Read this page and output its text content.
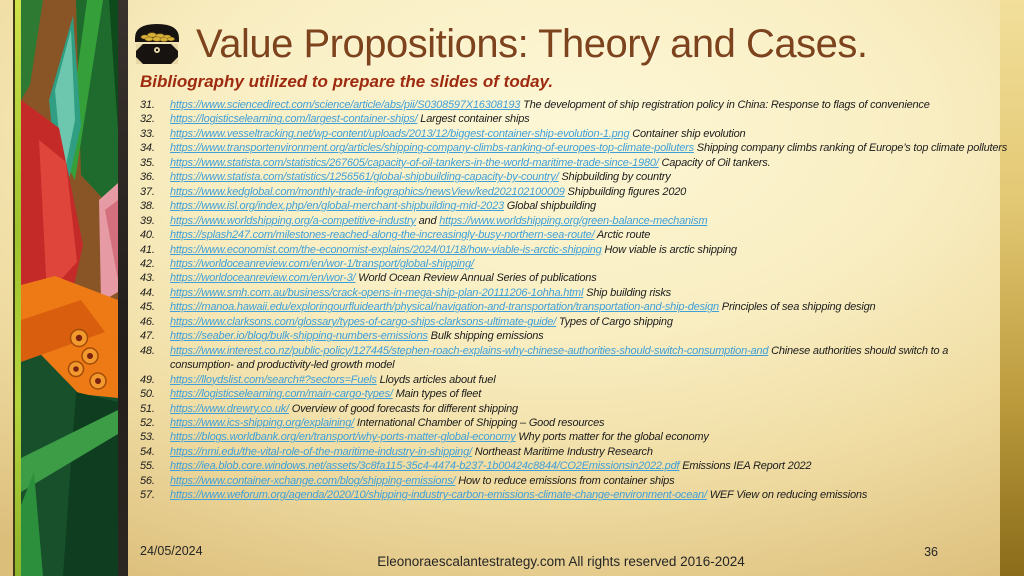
Value Propositions: Theory and Cases.
Bibliography utilized to prepare the slides of today.
31.	https://www.sciencedirect.com/science/article/abs/pii/S0308597X16308193 The development of ship registration policy in China: Response to flags of convenience
32.	https://logisticselearning.com/largest-container-ships/ Largest container ships
33.	https://www.vesseltracking.net/wp-content/uploads/2013/12/biggest-container-ship-evolution-1.png Container ship evolution
34.	https://www.transportenvironment.org/articles/shipping-company-climbs-ranking-of-europes-top-climate-polluters Shipping company climbs ranking of Europe’s top climate polluters
35.	https://www.statista.com/statistics/267605/capacity-of-oil-tankers-in-the-world-maritime-trade-since-1980/ Capacity of Oil tankers.
36.	https://www.statista.com/statistics/1256561/global-shipbuilding-capacity-by-country/ Shipbuilding by country
37.	https://www.kedglobal.com/monthly-trade-infographics/newsView/ked202102100009 Shipbuilding figures 2020
38.	https://www.isl.org/index.php/en/global-merchant-shipbuilding-mid-2023 Global shipbuilding
39.	https://www.worldshipping.org/a-competitive-industry and https://www.worldshipping.org/green-balance-mechanism
40.	https://splash247.com/milestones-reached-along-the-increasingly-busy-northern-sea-route/ Arctic route
41.	https://www.economist.com/the-economist-explains/2024/01/18/how-viable-is-arctic-shipping How viable is arctic shipping
42.	https://worldoceanreview.com/en/wor-1/transport/global-shipping/
43.	https://worldoceanreview.com/en/wor-3/ World Ocean Review Annual Series of publications
44.	https://www.smh.com.au/business/crack-opens-in-mega-ship-plan-20111206-1ohha.html Ship building risks
45.	https://manoa.hawaii.edu/exploringourfluidearth/physical/navigation-and-transportation/transportation-and-ship-design Principles of sea shipping design
46.	https://www.clarksons.com/glossary/types-of-cargo-ships-clarksons-ultimate-guide/ Types of Cargo shipping
47.	https://seaber.io/blog/bulk-shipping-numbers-emissions Bulk shipping emissions
48.	https://www.interest.co.nz/public-policy/127445/stephen-roach-explains-why-chinese-authorities-should-switch-consumption-and Chinese authorities should switch to a consumption- and productivity-led growth model
49.	https://lloydslist.com/search#?sectors=Fuels Lloyds articles about fuel
50.	https://logisticselearning.com/main-cargo-types/ Main types of fleet
51.	https://www.drewry.co.uk/ Overview of good forecasts for different shipping
52.	https://www.ics-shipping.org/explaining/ International Chamber of Shipping – Good resources
53.	https://blogs.worldbank.org/en/transport/why-ports-matter-global-economy Why ports matter for the global economy
54.	https://nmi.edu/the-vital-role-of-the-maritime-industry-in-shipping/ Northeast Maritime Industry Research
55.	https://iea.blob.core.windows.net/assets/3c8fa115-35c4-4474-b237-1b00424c8844/CO2Emissionsin2022.pdf Emissions IEA Report 2022
56.	https://www.container-xchange.com/blog/shipping-emissions/ How to reduce emissions from container ships
57.	https://www.weforum.org/agenda/2020/10/shipping-industry-carbon-emissions-climate-change-environment-ocean/ WEF View on reducing emissions
24/05/2024
Eleonoraescalantestrategy.com All rights reserved 2016-2024
36
